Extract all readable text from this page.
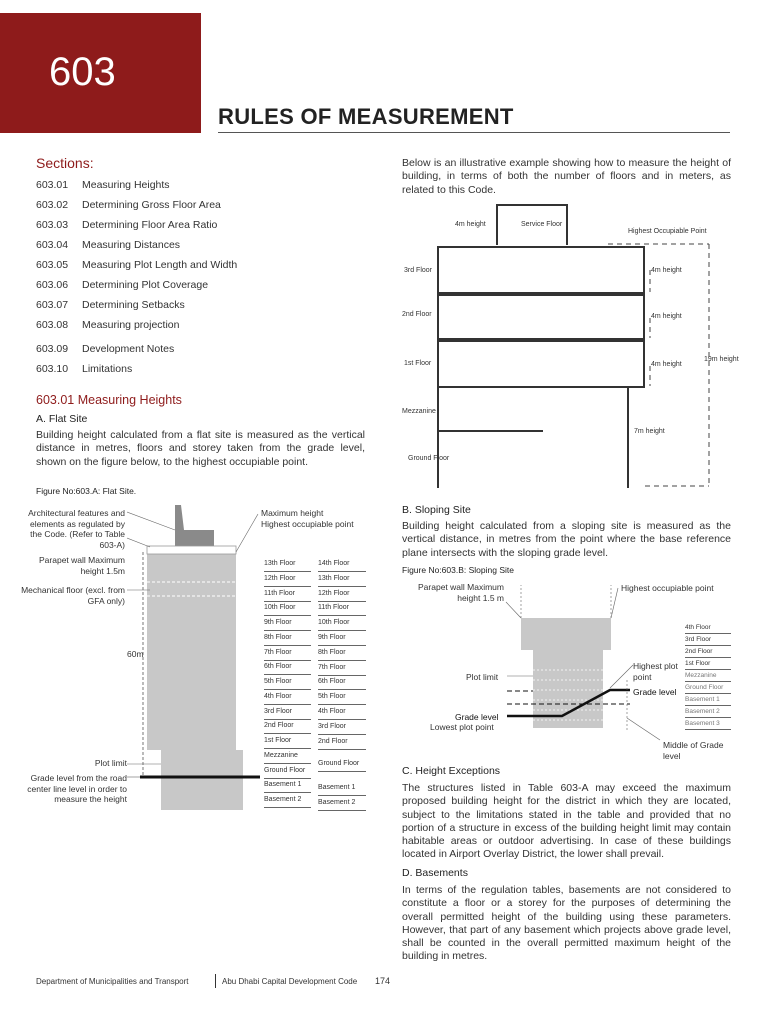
603
RULES OF MEASUREMENT
Sections:
603.01 Measuring Heights
603.02 Determining Gross Floor Area
603.03 Determining Floor Area Ratio
603.04 Measuring Distances
603.05 Measuring Plot Length and Width
603.06 Determining Plot Coverage
603.07 Determining Setbacks
603.08 Measuring projection
603.09 Development Notes
603.10 Limitations
603.01 Measuring Heights
A. Flat Site
Building height calculated from a flat site is measured as the vertical distance in metres, floors and storey taken from the grade level, shown on the figure below, to the highest occupiable point.
Figure No:603.A: Flat Site.
Architectural features and elements as regulated by the Code. (Refer to Table 603-A)
Parapet wall Maximum height 1.5m
Mechanical floor (excl. from GFA only)
Maximum height
Highest occupiable point
60m
Plot limit
Grade level from the road center line level in order to measure the height
13th Floor
12th Floor
11th Floor
10th Floor
9th Floor
8th Floor
7th Floor
6th Floor
5th Floor
4th Floor
3rd Floor
2nd Floor
1st Floor
Mezzanine
Ground Floor
Basement 1
Basement 2
14th Floor
13th Floor
12th Floor
11th Floor
10th Floor
9th Floor
8th Floor
7th Floor
6th Floor
5th Floor
4th Floor
3rd Floor
2nd Floor
Ground Floor
Basement 1
Basement 2
Below is an illustrative example showing how to measure the height of building, in terms of both the number of floors and in meters, as related to this Code.
4m height	Service Floor
Highest Occupiable Point
3rd Floor
2nd Floor
1st Floor
Mezzanine
Ground Floor
4m height
4m height
4m height
7m height
19m height
B. Sloping Site
Building height calculated from a sloping site is measured as the vertical distance, in metres from the point where the base reference plane intersects with the sloping grade level.
Figure No:603.B: Sloping Site
Parapet wall Maximum height 1.5 m
Highest occupiable point
Plot limit
Highest plot point
Grade level
Grade level
Lowest plot point
Middle of Grade level
4th Floor
3rd Floor
2nd Floor
1st Floor
Mezzanine
Ground Floor
Basement 1
Basement 2
Basement 3
C. Height Exceptions
The structures listed in Table 603-A may exceed the maximum proposed building height for the district in which they are located, subject to the limitations stated in the table and provided that no portion of a structure in excess of the building height limit may contain habitable areas or outdoor advertising. In case of these buildings located in Airport Overlay District, the lower shall prevail.
D. Basements
In terms of the regulation tables, basements are not considered to constitute a floor or a storey for the purposes of determining the overall permitted height of the building using these parameters. However, that part of any basement which projects above grade level, shall be counted in the overall permitted maximum height of the building in metres.
Department of Municipalities and Transport	Abu Dhabi Capital Development Code 174
